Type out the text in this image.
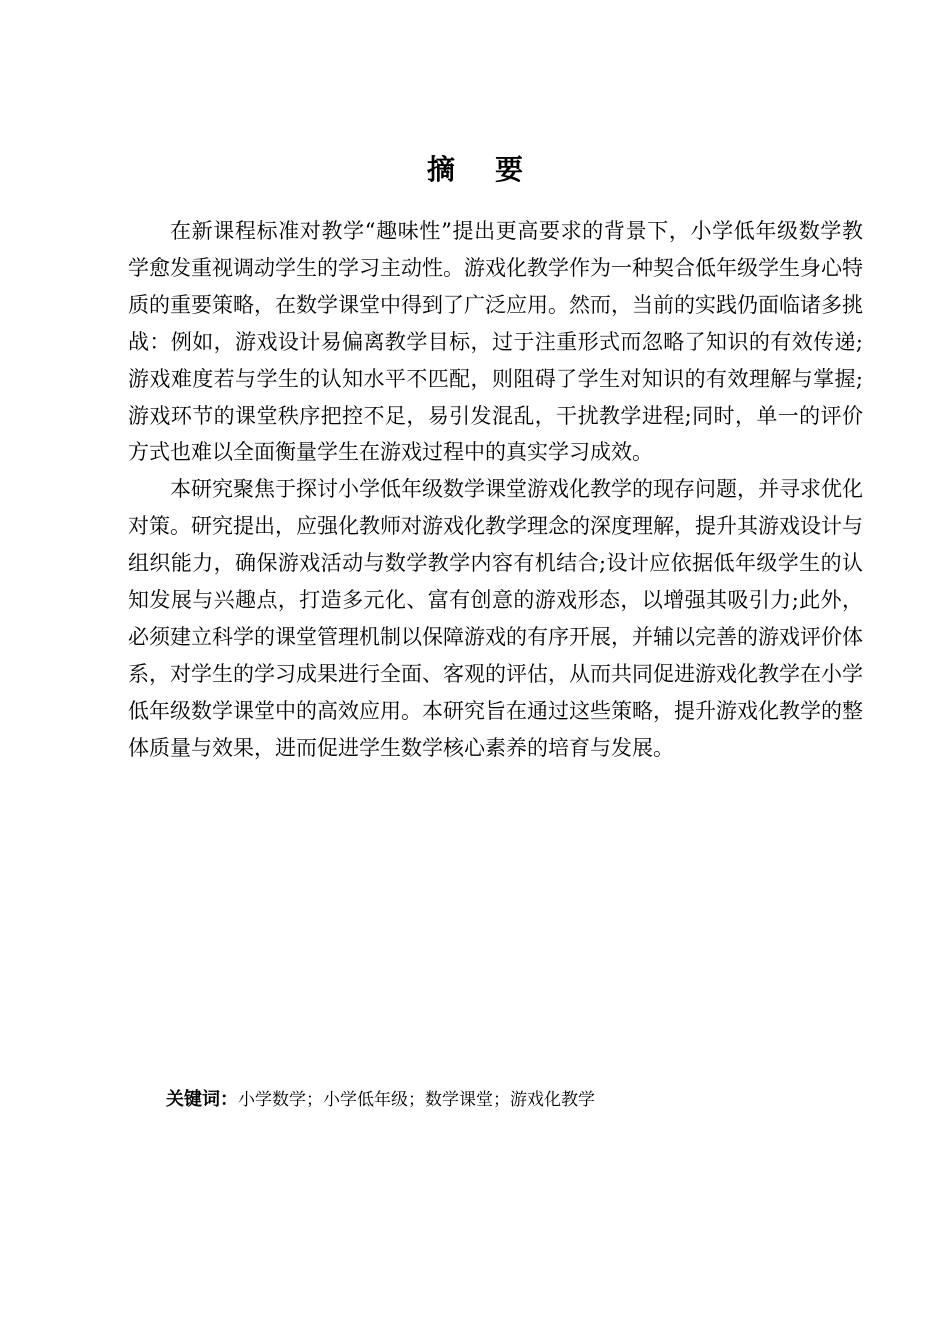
摘 要

在新课程标准对教学“趣味性”提出更高要求的背景下，小学低年级数学教学愈发重视调动学生的学习主动性。游戏化教学作为一种契合低年级学生身心特质的重要策略，在数学课堂中得到了广泛应用。然而，当前的实践仍面临诸多挑战：例如，游戏设计易偏离教学目标，过于注重形式而忽略了知识的有效传递;游戏难度若与学生的认知水平不匹配，则阻碍了学生对知识的有效理解与掌握;游戏环节的课堂秩序把控不足，易引发混乱，干扰教学进程;同时，单一的评价方式也难以全面衡量学生在游戏过程中的真实学习成效。

本研究聚焦于探讨小学低年级数学课堂游戏化教学的现存问题，并寻求优化对策。研究提出，应强化教师对游戏化教学理念的深度理解，提升其游戏设计与组织能力，确保游戏活动与数学教学内容有机结合;设计应依据低年级学生的认知发展与兴趣点，打造多元化、富有创意的游戏形态，以增强其吸引力;此外，必须建立科学的课堂管理机制以保障游戏的有序开展，并辅以完善的游戏评价体系，对学生的学习成果进行全面、客观的评估，从而共同促进游戏化教学在小学低年级数学课堂中的高效应用。本研究旨在通过这些策略，提升游戏化教学的整体质量与效果，进而促进学生数学核心素养的培育与发展。

关键词：小学数学；小学低年级；数学课堂；游戏化教学
